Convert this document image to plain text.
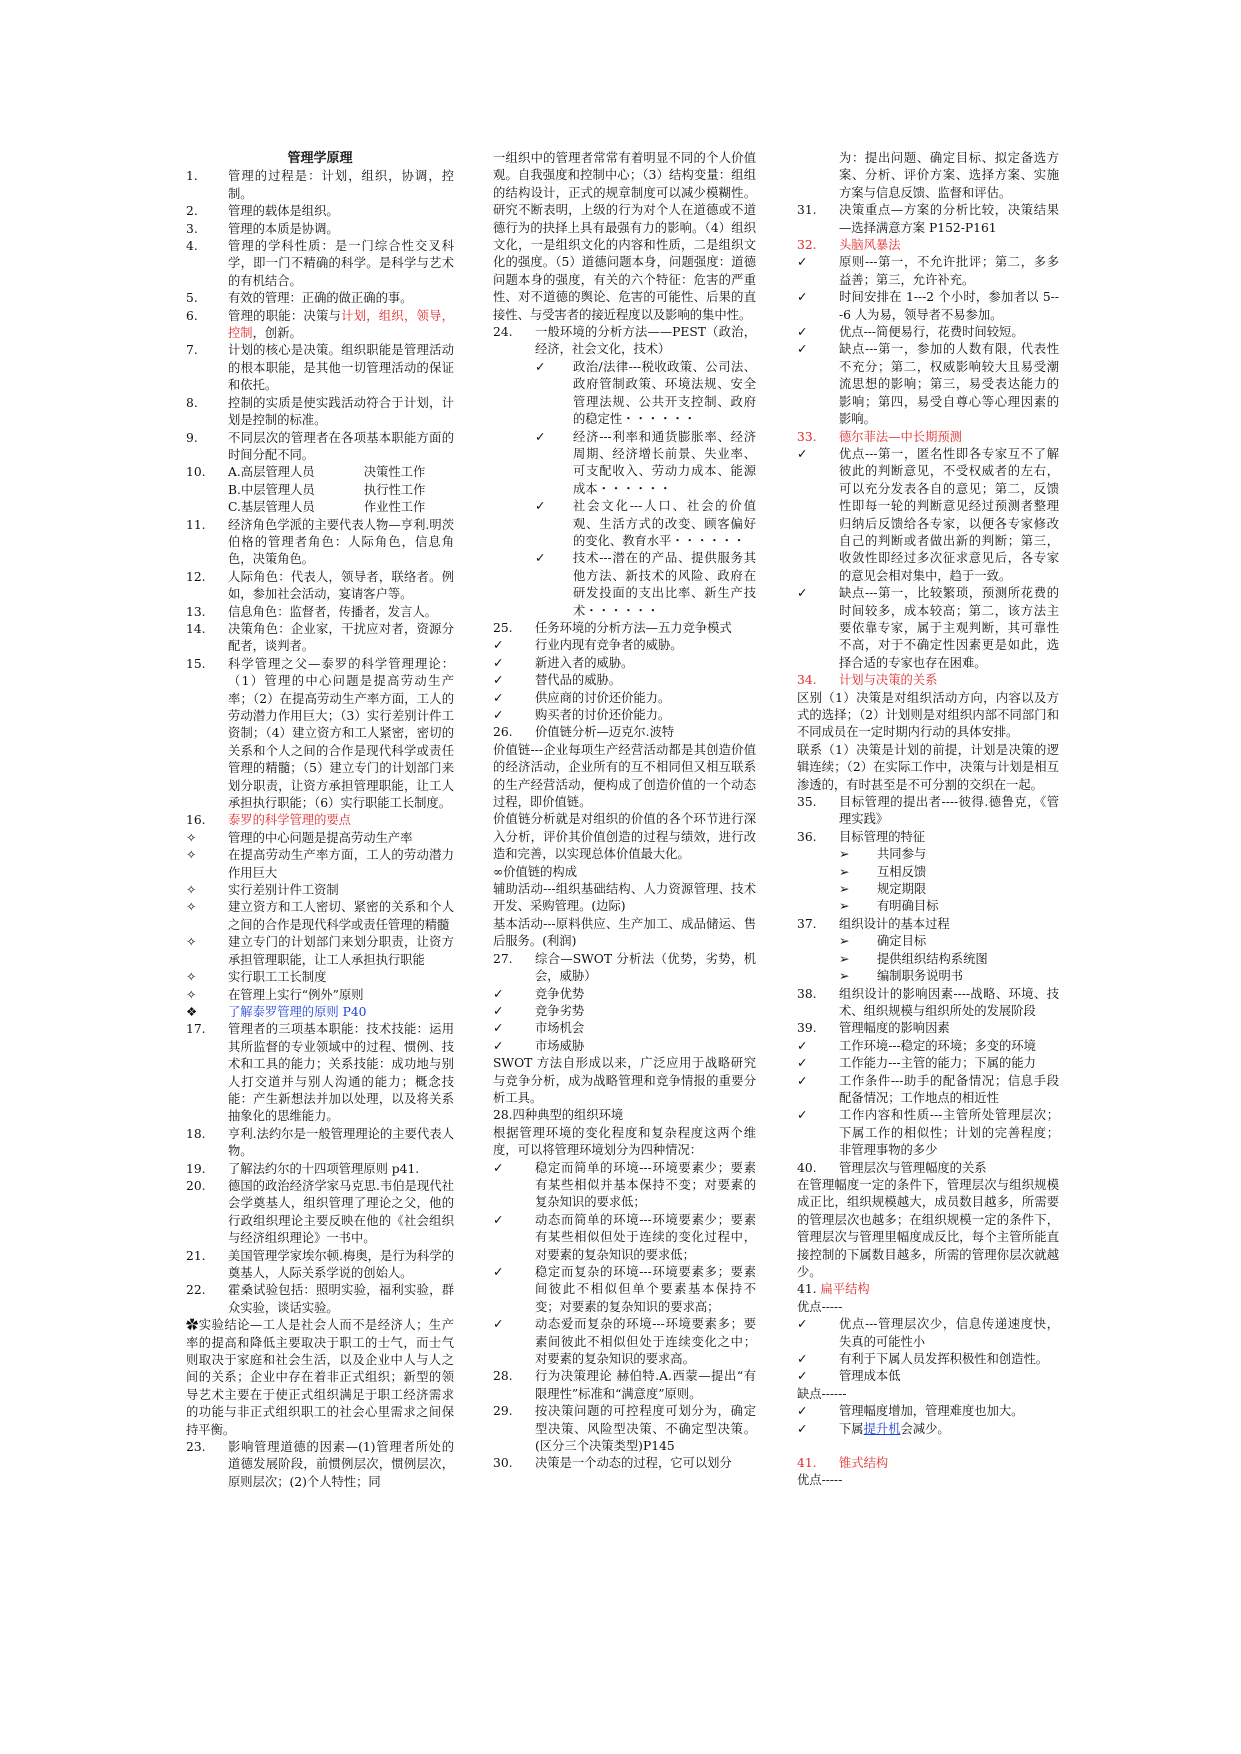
管理学原理
1.	管理的过程是：计划，组织，协调，控制。
2.	管理的载体是组织。
3.	管理的本质是协调。
4.	管理的学科性质：是一门综合性交叉科学，即一门不精确的科学。是科学与艺术的有机结合。
5.	有效的管理：正确的做正确的事。
6.	管理的职能：决策与计划，组织，领导，控制，创新。
7.	计划的核心是决策。组织职能是管理活动的根本职能，是其他一切管理活动的保证和依托。
8.	控制的实质是使实践活动符合于计划，计划是控制的标准。
9.	不同层次的管理者在各项基本职能方面的时间分配不同。
10.	A.高层管理人员　　　　决策性工作
B.中层管理人员　　　　执行性工作
C.基层管理人员　　　　作业性工作
11.	经济角色学派的主要代表人物—亨利.明茨伯格的管理者角色：人际角色，信息角色，决策角色。
12.	人际角色：代表人，领导者，联络者。例如，参加社会活动，宴请客户等。
13.	信息角色：监督者，传播者，发言人。
14.	决策角色：企业家，干扰应对者，资源分配者，谈判者。
15.	科学管理之父—泰罗的科学管理理论：（1）管理的中心问题是提高劳动生产率；（2）在提高劳动生产率方面，工人的劳动潜力作用巨大；（3）实行差别计件工资制；（4）建立资方和工人紧密，密切的关系和个人之间的合作是现代科学或责任管理的精髓；（5）建立专门的计划部门来划分职责，让资方承担管理职能，让工人承担执行职能；（6）实行职能工长制度。
16.	泰罗的科学管理的要点
✧	管理的中心问题是提高劳动生产率
✧	在提高劳动生产率方面，工人的劳动潜力作用巨大
✧	实行差别计件工资制
✧	建立资方和工人密切、紧密的关系和个人之间的合作是现代科学或责任管理的精髓
✧	建立专门的计划部门来划分职责，让资方承担管理职能，让工人承担执行职能
✧	实行职工工长制度
✧	在管理上实行“例外”原则
❖	了解泰罗管理的原则 P40
17.	管理者的三项基本职能：技术技能：运用其所监督的专业领域中的过程、惯例、技术和工具的能力；关系技能：成功地与别人打交道并与别人沟通的能力；概念技能：产生新想法并加以处理，以及将关系抽象化的思维能力。
18.	亨利.法约尔是一般管理理论的主要代表人物。
19.	了解法约尔的十四项管理原则 p41.
20.	德国的政治经济学家马克思.韦伯是现代社会学奠基人，组织管理了理论之父，他的行政组织理论主要反映在他的《社会组织与经济组织理论》一书中。
21.	美国管理学家埃尔顿.梅奥，是行为科学的奠基人，人际关系学说的创始人。
22.	霍桑试验包括：照明实验，福利实验，群众实验，谈话实验。
✿实验结论—工人是社会人而不是经济人；生产率的提高和降低主要取决于职工的士气，而士气则取决于家庭和社会生活，以及企业中人与人之间的关系；企业中存在着非正式组织；新型的领导艺术主要在于使正式组织满足于职工经济需求的功能与非正式组织职工的社会心里需求之间保持平衡。
23.	影响管理道德的因素—(1)管理者所处的道德发展阶段，前惯例层次，惯例层次，原则层次；(2)个人特性；同
一组织中的管理者常常有着明显不同的个人价值观。自我强度和控制中心；（3）结构变量：组组的结构设计，正式的规章制度可以减少模糊性。研究不断表明，上级的行为对个人在道德或不道德行为的抉择上具有最强有力的影响。（4）组织文化，一是组织文化的内容和性质，二是组织文化的强度。（5）道德问题本身，问题强度：道德问题本身的强度，有关的六个特征：危害的严重性、对不道德的舆论、危害的可能性、后果的直接性、与受害者的接近程度以及影响的集中性。
24.	一般环境的分析方法——PEST（政治，经济，社会文化，技术）
✓	政治/法律---税收政策、公司法、政府管制政策、环境法规、安全管理法规、公共开支控制、政府的稳定性・・・・・・
✓	经济---利率和通货膨胀率、经济周期、经济增长前景、失业率、可支配收入、劳动力成本、能源成本・・・・・・
✓	社会文化---人口、社会的价值观、生活方式的改变、顾客偏好的变化、教育水平・・・・・・
✓	技术---潜在的产品、提供服务其他方法、新技术的风险、政府在研发投面的支出比率、新生产技术・・・・・・
25.	任务环境的分析方法—五力竞争模式
✓	行业内现有竞争者的威胁。
✓	新进入者的威胁。
✓	替代品的威胁。
✓	供应商的讨价还价能力。
✓	购买者的讨价还价能力。
26.	价值链分析—迈克尔.波特
价值链---企业每项生产经营活动都是其创造价值的经济活动，企业所有的互不相同但又相互联系的生产经营活动，便构成了创造价值的一个动态过程，即价值链。
价值链分析就是对组织的价值的各个环节进行深入分析，评价其价值创造的过程与绩效，进行改造和完善，以实现总体价值最大化。
∞价值链的构成
辅助活动---组织基础结构、人力资源管理、技术开发、采购管理。(边际)
基本活动---原料供应、生产加工、成品储运、售后服务。(利润)
27.	综合—SWOT 分析法（优势，劣势，机会，威胁）
✓	竞争优势
✓	竞争劣势
✓	市场机会
✓	市场威胁
SWOT 方法自形成以来，广泛应用于战略研究与竞争分析，成为战略管理和竞争情报的重要分析工具。
28.四种典型的组织环境
根据管理环境的变化程度和复杂程度这两个维度，可以将管理环境划分为四种情况：
✓	稳定而简单的环境---环境要素少；要素有某些相似并基本保持不变；对要素的复杂知识的要求低；
✓	动态而简单的环境---环境要素少；要素有某些相似但处于连续的变化过程中，对要素的复杂知识的要求低；
✓	稳定而复杂的环境---环境要素多；要素间彼此不相似但单个要素基本保持不变；对要素的复杂知识的要求高；
✓	动态爱而复杂的环境---环境要素多；要素间彼此不相似但处于连续变化之中；对要素的复杂知识的要求高。
28.	行为决策理论 赫伯特.A.西蒙—提出“有限理性”标准和“满意度”原则。
29.	按决策问题的可控程度可划分为，确定型决策、风险型决策、不确定型决策。(区分三个决策类型)P145
30.	决策是一个动态的过程，它可以划分
为：提出问题、确定目标、拟定备选方案、分析、评价方案、选择方案、实施方案与信息反馈、监督和评估。
31.	决策重点—方案的分析比较，决策结果—选择满意方案 P152-P161
32.	头脑风暴法
✓	原则---第一，不允许批评；第二，多多益善；第三，允许补充。
✓	时间安排在 1---2 个小时，参加者以 5---6 人为易，领导者不易参加。
✓	优点---简便易行，花费时间较短。
✓	缺点---第一，参加的人数有限，代表性不充分；第二，权威影响较大且易受潮流思想的影响；第三，易受表达能力的影响；第四，易受自尊心等心理因素的影响。
33.	德尔菲法—中长期预测
✓	优点---第一，匿名性即各专家互不了解彼此的判断意见，不受权威者的左右，可以充分发表各自的意见；第二，反馈性即每一轮的判断意见经过预测者整理归纳后反馈给各专家，以便各专家修改自己的判断或者做出新的判断；第三，收敛性即经过多次征求意见后，各专家的意见会相对集中，趋于一致。
✓	缺点---第一，比较繁琐，预测所花费的时间较多，成本较高；第二，该方法主要依靠专家，属于主观判断，其可靠性不高，对于不确定性因素更是如此，选择合适的专家也存在困难。
34.	计划与决策的关系
区别（1）决策是对组织活动方向，内容以及方式的选择；（2）计划则是对组织内部不同部门和不同成员在一定时期内行动的具体安排。
联系（1）决策是计划的前提，计划是决策的逻辑连续；（2）在实际工作中，决策与计划是相互渗透的，有时甚至是不可分割的交织在一起。
35.	目标管理的提出者----彼得.德鲁克，《管理实践》
36.	目标管理的特征
➢	共同参与
➢	互相反馈
➢	规定期限
➢	有明确目标
37.	组织设计的基本过程
➢	确定目标
➢	提供组织结构系统图
➢	编制职务说明书
38.	组织设计的影响因素----战略、环境、技术、组织规模与组织所处的发展阶段
39.	管理幅度的影响因素
✓	工作环境---稳定的环境；多变的环境
✓	工作能力---主管的能力；下属的能力
✓	工作条件---助手的配备情况；信息手段配备情况；工作地点的相近性
✓	工作内容和性质---主管所处管理层次；下属工作的相似性；计划的完善程度；非管理事物的多少
40.	管理层次与管理幅度的关系
在管理幅度一定的条件下，管理层次与组织规模成正比，组织规模越大，成员数目越多，所需要的管理层次也越多；在组织规模一定的条件下，管理层次与管理里幅度成反比，每个主管所能直接控制的下属数目越多，所需的管理你层次就越少。
41. 扁平结构
优点-----
✓	优点---管理层次少，信息传递速度快，失真的可能性小
✓	有利于下属人员发挥积极性和创造性。
✓	管理成本低
缺点------
✓	管理幅度增加，管理难度也加大。
✓	下属提升机会减少。
41.	锥式结构
优点-----
